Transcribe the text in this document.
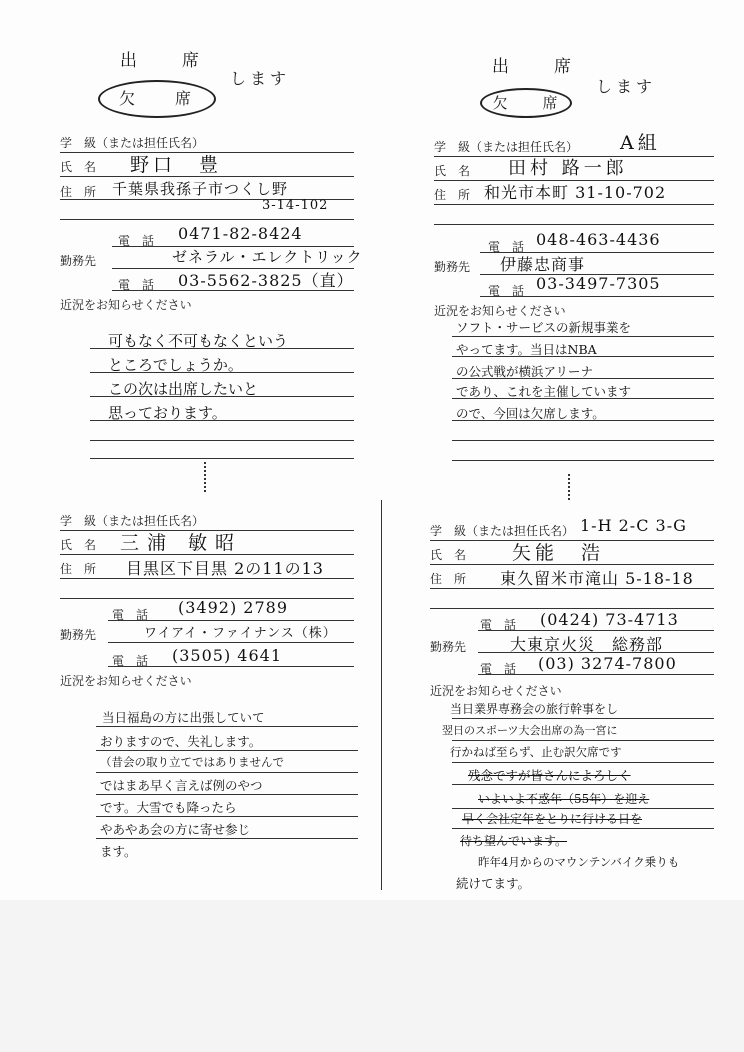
出　席
欠　席
します
学　級（または担任氏名）
氏　名 野口　豊
住　所 千葉県我孫子市つくし野
3-14-102
電　話 0471-82-8424
勤務先	ゼネラル・エレクトリック
電　話 03-5562-3825（直）
近況をお知らせください
可もなく不可もなくという
ところでしょうか。
この次は出席したいと
思っております。
出　席
欠　席
します
学　級（または担任氏名） A組
氏　名 田村 路一郎
住　所 和光市本町 31-10-702
電　話 048-463-4436
勤務先 伊藤忠商事
電　話 03-3497-7305
近況をお知らせください
ソフト・サービスの新規事業を
やってます。当日はNBA
の公式戦が横浜アリーナ
であり、これを主催しています
ので、今回は欠席します。
学　級（または担任氏名）
氏　名 三浦 敏昭
住　所 目黒区下目黒 2の11の13
電　話 (3492) 2789
勤務先	ワイアイ・ファイナンス（株）
電　話 (3505) 4641
近況をお知らせください
当日福島の方に出張していて
おりますので、失礼します。
（昔会の取り立てではありませんで
ではまあ早く言えば例のやつ
です。大雪でも降ったら
やあやあ会の方に寄せ参じ
ます。
学　級（または担任氏名） 1-H 2-C 3-G
氏　名 矢能　浩
住　所 東久留米市滝山 5-18-18
電　話 (0424) 73-4713
勤務先	大東京火災　総務部
電　話 (03) 3274-7800
近況をお知らせください
当日業界専務会の旅行幹事をし
翌日のスポーツ大会出席の為一宮に
行かねば至らず、止む訳欠席です
残念ですが皆さんによろしく
いよいよ不惑年（55年）を迎え
早く会社定年をとりに行ける日を
待ち望んでいます。
昨年4月からのマウンテンバイク乗りも
続けてます。
